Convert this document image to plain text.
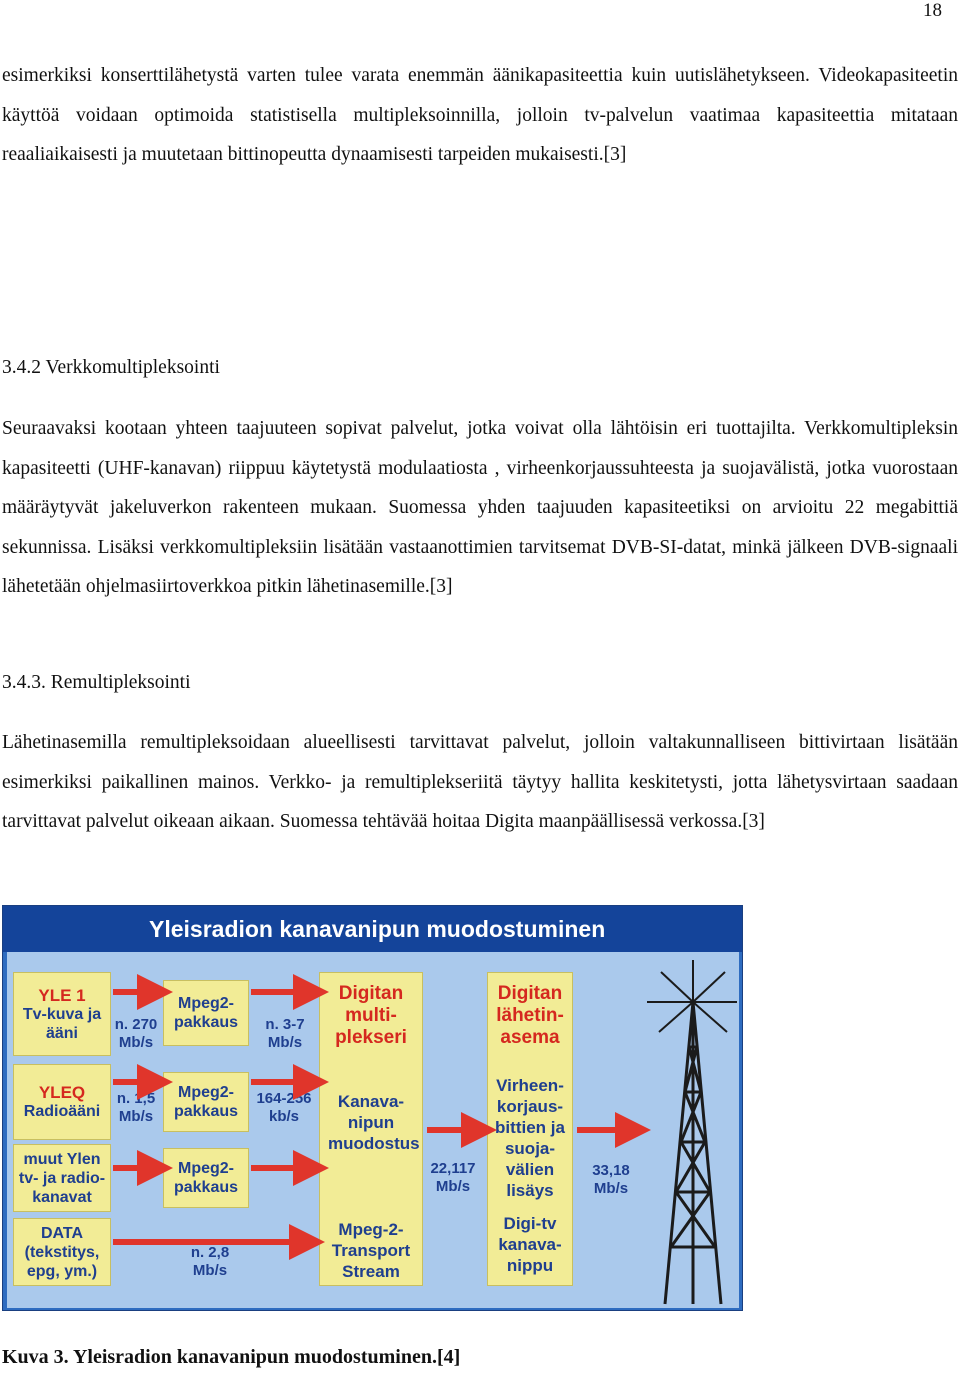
18

esimerkiksi konserttilähetystä varten tulee varata enemmän äänikapasiteettia kuin uutislähetykseen. Videokapasiteetin käyttöä voidaan optimoida statistisella multipleksoinnilla, jolloin tv-palvelun vaatimaa kapasiteettia mitataan reaaliaikaisesti ja muutetaan bittinopeutta dynaamisesti tarpeiden mukaisesti.[3]

3.4.2 Verkkomultipleksointi

Seuraavaksi kootaan yhteen taajuuteen sopivat palvelut, jotka voivat olla lähtöisin eri tuottajilta. Verkkomultipleksin kapasiteetti (UHF-kanavan) riippuu käytetystä modulaatiosta , virheenkorjaussuhteesta ja suojavälistä, jotka vuorostaan määräytyvät jakeluverkon rakenteen mukaan. Suomessa yhden taajuuden kapasiteetiksi on arvioitu 22 megabittiä sekunnissa. Lisäksi verkkomultipleksiin lisätään vastaanottimien tarvitsemat DVB-SI-datat, minkä jälkeen DVB-signaali lähetetään ohjelmasiirtoverkkoa pitkin lähetinasemille.[3]

3.4.3. Remultipleksointi

Lähetinasemilla remultipleksoidaan alueellisesti tarvittavat palvelut, jolloin valtakunnalliseen bittivirtaan lisätään esimerkiksi paikallinen mainos. Verkko- ja remultiplekseriitä täytyy hallita keskitetysti, jotta lähetysvirtaan saadaan tarvittavat palvelut oikeaan aikaan. Suomessa tehtävää hoitaa Digita maanpäällisessä verkossa.[3]

Yleisradion kanavanipun muodostuminen
YLE 1
Tv-kuva ja ääni
YLEQ
Radioääni
muut Ylen tv- ja radio-kanavat
DATA (tekstitys, epg, ym.)
n. 270 Mb/s
n. 1,5 Mb/s
Mpeg2-pakkaus
Mpeg2-pakkaus
Mpeg2-pakkaus
n. 3-7 Mb/s
164-256 kb/s
n. 2,8 Mb/s
Digitan multi-plekseri
Kanava-nipun muodostus
Mpeg-2-Transport Stream
22,117 Mb/s
Digitan lähetin-asema
Virheen-korjaus-bittien ja suoja-välien lisäys
Digi-tv kanava-nippu
33,18 Mb/s

Kuva 3. Yleisradion kanavanipun muodostuminen.[4]
